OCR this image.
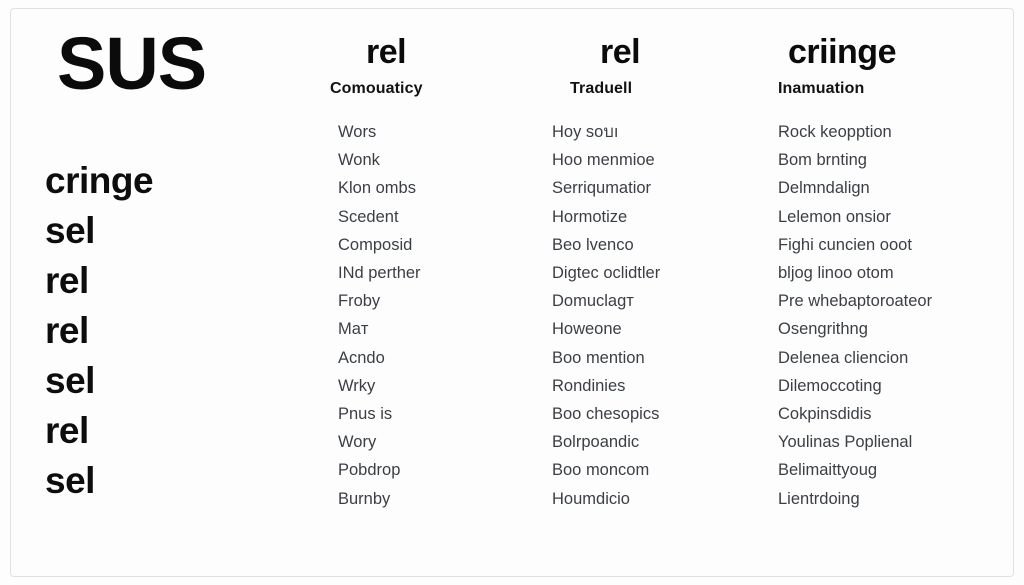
SUS
cringe
sel
rel
rel
sel
rel
sel
rel
Comouaticy
Wors
Wonk
Klon ombs
Scedent
Composid
INd perther
Froby
Maт
Acndo
Wrky
Pnus is
Wory
Pobdrop
Burnby
rel
Traduell
Hoy soบı
Hoo menmioe
Serriqumatior
Hormotize
Beo lvenco
Digtec oclidtler
Domuclagт
Howeone
Boo mention
Rondinies
Boo chesopics
Bolrpoandic
Boo moncom
Houmdicio
criinge
Inamuation
Rock keopption
Bom brnting
Delmndalign
Lelemon onsior
Fighi cuncien ooot
bljog linoo otom
Pre whebaptoroateor
Osengrithng
Delenea cliencion
Dilemoccoting
Cokpinsdidis
Youlinas Poplienal
Belimaittyoug
Lientrdoing
